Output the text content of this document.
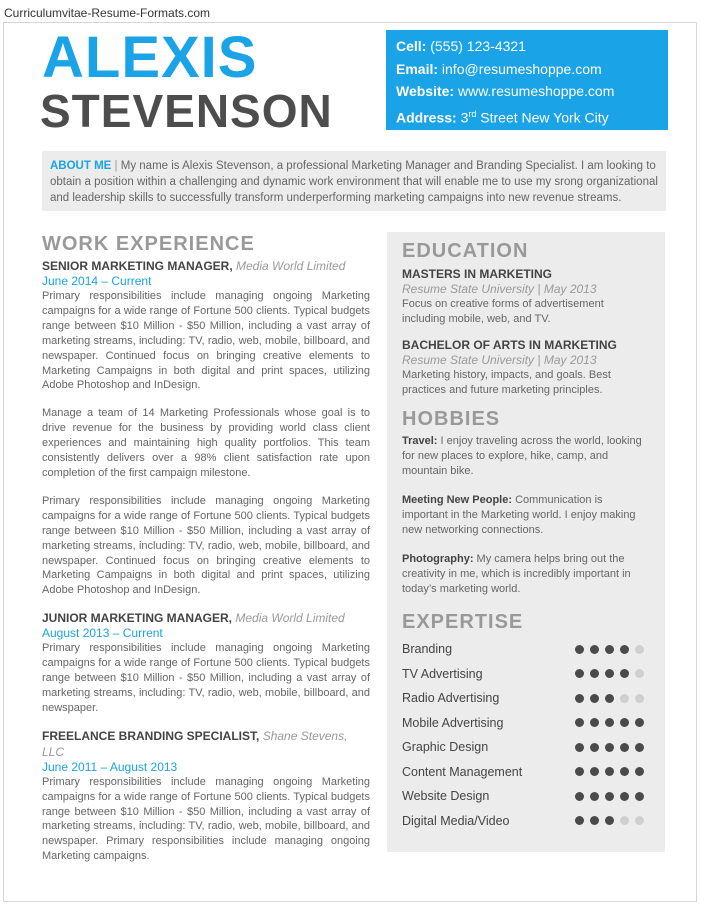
Curriculumvitae-Resume-Formats.com
ALEXIS
STEVENSON
Cell: (555) 123-4321
Email: info@resumeshoppe.com
Website: www.resumeshoppe.com
Address: 3rd Street New York City
ABOUT ME | My name is Alexis Stevenson, a professional Marketing Manager and Branding Specialist. I am looking to obtain a position within a challenging and dynamic work environment that will enable me to use my srong organizational and leadership skills to successfully transform underperforming marketing campaigns into new revenue streams.
WORK EXPERIENCE
SENIOR MARKETING MANAGER, Media World Limited
June 2014 – Current

Primary responsibilities include managing ongoing Marketing campaigns for a wide range of Fortune 500 clients. Typical budgets range between $10 Million - $50 Million, including a vast array of marketing streams, including: TV, radio, web, mobile, billboard, and newspaper. Continued focus on bringing creative elements to Marketing Campaigns in both digital and print spaces, utilizing Adobe Photoshop and InDesign.

Manage a team of 14 Marketing Professionals whose goal is to drive revenue for the business by providing world class client experiences and maintaining high quality portfolios. This team consistently delivers over a 98% client satisfaction rate upon completion of the first campaign milestone.

Primary responsibilities include managing ongoing Marketing campaigns for a wide range of Fortune 500 clients. Typical budgets range between $10 Million - $50 Million, including a vast array of marketing streams, including: TV, radio, web, mobile, billboard, and newspaper. Continued focus on bringing creative elements to Marketing Campaigns in both digital and print spaces, utilizing Adobe Photoshop and InDesign.

JUNIOR MARKETING MANAGER, Media World Limited
August 2013 – Current

Primary responsibilities include managing ongoing Marketing campaigns for a wide range of Fortune 500 clients. Typical budgets range between $10 Million - $50 Million, including a vast array of marketing streams, including: TV, radio, web, mobile, billboard, and newspaper.

FREELANCE BRANDING SPECIALIST, Shane Stevens, LLC
June 2011 – August 2013

Primary responsibilities include managing ongoing Marketing campaigns for a wide range of Fortune 500 clients. Typical budgets range between $10 Million - $50 Million, including a vast array of marketing streams, including: TV, radio, web, mobile, billboard, and newspaper. Primary responsibilities include managing ongoing Marketing campaigns.

EDUCATION
MASTERS IN MARKETING
Resume State University | May 2013
Focus on creative forms of advertisement including mobile, web, and TV.
BACHELOR OF ARTS IN MARKETING
Resume State University | May 2013
Marketing history, impacts, and goals. Best practices and future marketing principles.
HOBBIES
Travel: I enjoy traveling across the world, looking for new places to explore, hike, camp, and mountain bike.
Meeting New People: Communication is important in the Marketing world. I enjoy making new networking connections.
Photography: My camera helps bring out the creativity in me, which is incredibly important in today’s marketing world.
EXPERTISE
Branding
TV Advertising
Radio Advertising
Mobile Advertising
Graphic Design
Content Management
Website Design
Digital Media/Video
